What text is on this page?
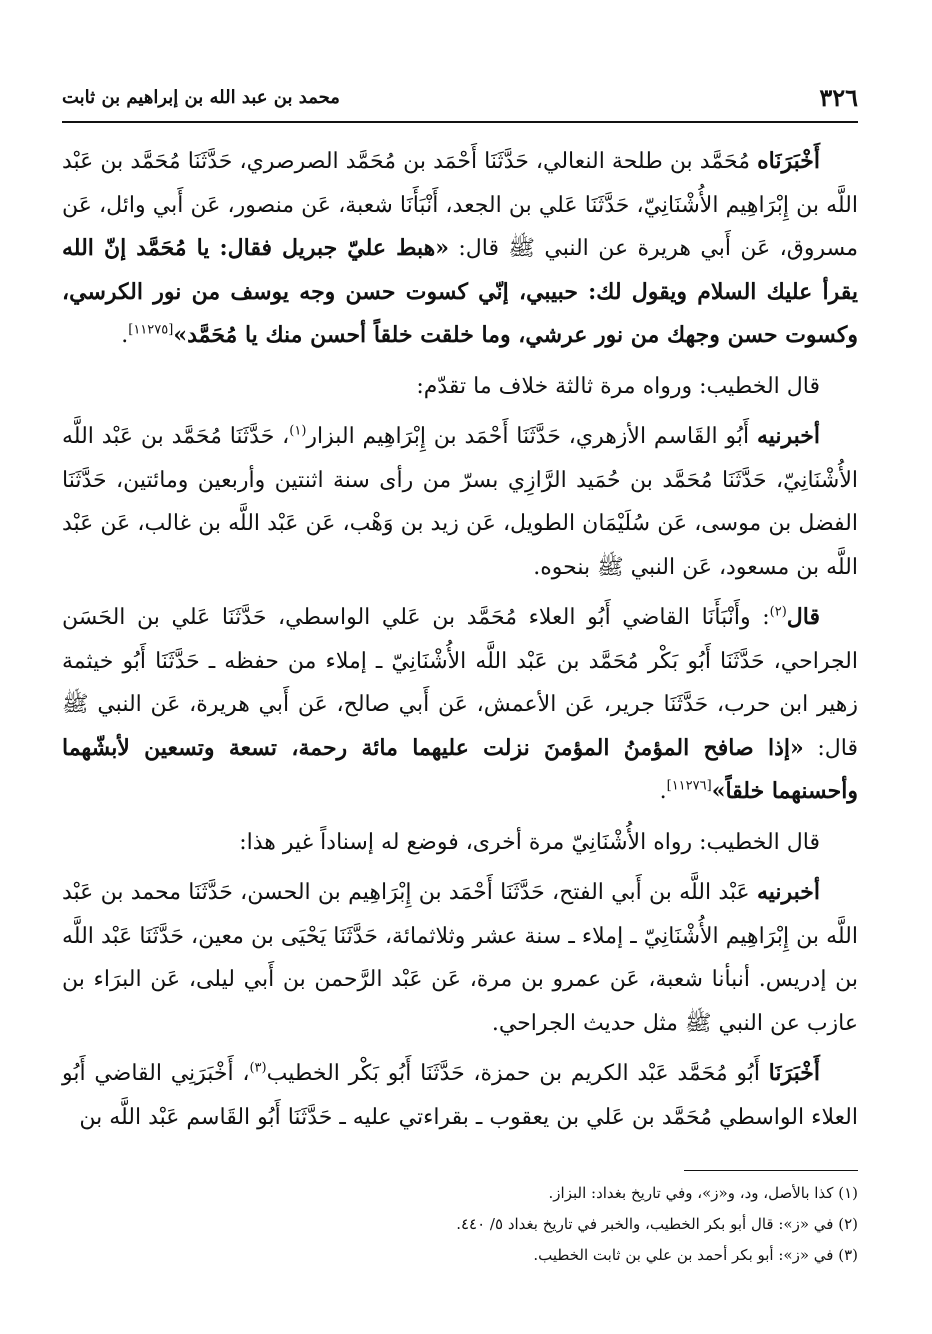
٣٢٦
محمد بن عبد الله بن إبراهيم بن ثابت

أَخْبَرَنَاه مُحَمَّد بن طلحة النعالي، حَدَّثَنَا أَحْمَد بن مُحَمَّد الصرصري، حَدَّثَنَا مُحَمَّد بن عَبْد اللَّه بن إِبْرَاهِيم الأُشْنَانِيّ، حَدَّثَنَا عَلي بن الجعد، أَنْبَأَنَا شعبة، عَن منصور، عَن أَبي وائل، عَن مسروق، عَن أَبي هريرة عن النبي ﷺ قال: «هبط عليّ جبريل فقال: يا مُحَمَّد إنّ الله يقرأ عليك السلام ويقول لك: حبيبي، إنّي كسوت حسن وجه يوسف من نور الكرسي، وكسوت حسن وجهك من نور عرشي، وما خلقت خلقاً أحسن منك يا مُحَمَّد»[١١٢٧٥].

قال الخطيب: ورواه مرة ثالثة خلاف ما تقدّم:

أخبرنيه أَبُو القَاسم الأزهري، حَدَّثَنَا أَحْمَد بن إِبْرَاهِيم البزار$^{(١)}$، حَدَّثَنَا مُحَمَّد بن عَبْد اللَّه الأُشْنَانِيّ، حَدَّثَنَا مُحَمَّد بن حُمَيد الرَّازِي بسرّ من رأى سنة اثنتين وأربعين ومائتين، حَدَّثَنَا الفضل بن موسى، عَن سُلَيْمَان الطويل، عَن زيد بن وَهْب، عَن عَبْد اللَّه بن غالب، عَن عَبْد اللَّه بن مسعود، عَن النبي ﷺ بنحوه.

قال$^{(٢)}$: وأَنْبَأَنَا القاضي أَبُو العلاء مُحَمَّد بن عَلي الواسطي، حَدَّثَنَا عَلي بن الحَسَن الجراحي، حَدَّثَنَا أَبُو بَكْر مُحَمَّد بن عَبْد اللَّه الأُشْنَانِيّ ـ إملاء من حفظه ـ حَدَّثَنَا أَبُو خيثمة زهير ابن حرب، حَدَّثَنَا جرير، عَن الأعمش، عَن أَبي صالح، عَن أَبي هريرة، عَن النبي ﷺ قال: «إذا صافح المؤمنُ المؤمنَ نزلت عليهما مائة رحمة، تسعة وتسعين لأبشّهما وأحسنهما خلقاً»[١١٢٧٦].

قال الخطيب: رواه الأُشْنَانِيّ مرة أخرى، فوضع له إسناداً غير هذا:

أخبرنيه عَبْد اللَّه بن أَبي الفتح، حَدَّثَنَا أَحْمَد بن إِبْرَاهِيم بن الحسن، حَدَّثَنَا محمد بن عَبْد اللَّه بن إِبْرَاهِيم الأُشْنَانِيّ ـ إملاء ـ سنة عشر وثلاثمائة، حَدَّثَنَا يَحْيَى بن معين، حَدَّثَنَا عَبْد اللَّه بن إدريس. أنبأنا شعبة، عَن عمرو بن مرة، عَن عَبْد الرَّحمن بن أَبي ليلى، عَن البرَاء بن عازب عن النبي ﷺ مثل حديث الجراحي.

أَخْبَرَنَا أَبُو مُحَمَّد عَبْد الكريم بن حمزة، حَدَّثَنَا أَبُو بَكْر الخطيب$^{(٣)}$، أَخْبَرَنِي القاضي أَبُو العلاء الواسطي مُحَمَّد بن عَلي بن يعقوب ـ بقراءتي عليه ـ حَدَّثَنَا أَبُو القَاسم عَبْد اللَّه بن

(١) كذا بالأصل، ود، و«ز»، وفي تاريخ بغداد: البزاز.

(٢) في «ز»: قال أبو بكر الخطيب، والخبر في تاريخ بغداد ٥/ ٤٤٠.

(٣) في «ز»: أبو بكر أحمد بن علي بن ثابت الخطيب.
